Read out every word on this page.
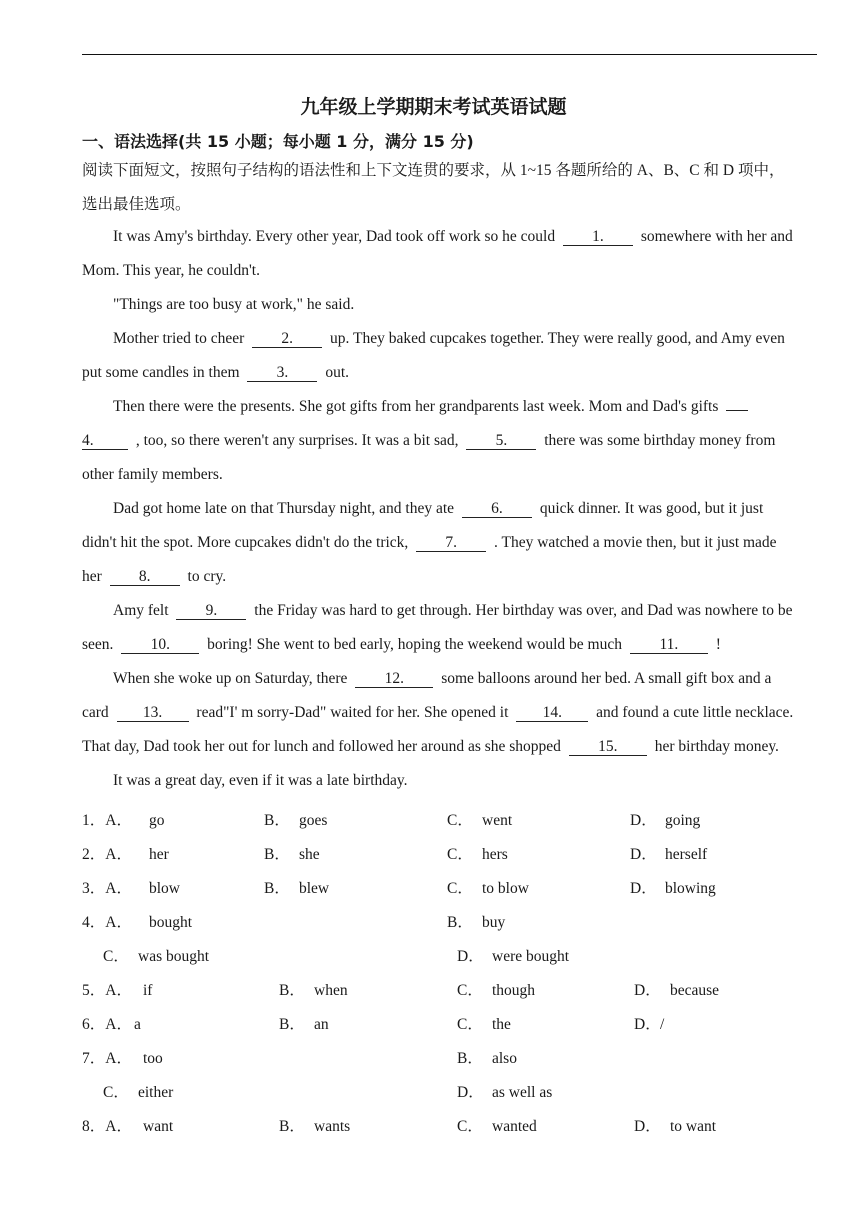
九年级上学期期末考试英语试题
一、语法选择(共 15 小题；每小题 1 分，满分 15 分)
阅读下面短文，按照句子结构的语法性和上下文连贯的要求，从 1~15 各题所给的 A、B、C 和 D 项中，
选出最佳选项。
It was Amy's birthday. Every other year, Dad took off work so he could 1. somewhere with her and
Mom. This year, he couldn't.
"Things are too busy at work," he said.
Mother tried to cheer 2. up. They baked cupcakes together. They were really good, and Amy even
put some candles in them 3. out.
Then there were the presents. She got gifts from her grandparents last week. Mom and Dad's gifts
4.	, too, so there weren't any surprises. It was a bit sad, 5. there was some birthday money from
other family members.
Dad got home late on that Thursday night, and they ate 6. quick dinner. It was good, but it just
didn't hit the spot. More cupcakes didn't do the trick, 7. . They watched a movie then, but it just made
her 8. to cry.
Amy felt 9. the Friday was hard to get through. Her birthday was over, and Dad was nowhere to be
seen. 10. boring! She went to bed early, hoping the weekend would be much 11. !
When she woke up on Saturday, there 12. some balloons around her bed. A small gift box and a
card 13. read"I' m sorry-Dad" waited for her. She opened it 14. and found a cute little necklace.
That day, Dad took her out for lunch and followed her around as she shopped 15. her birthday money.
It was a great day, even if it was a late birthday.
1．A． go	B． goes	C． went	D． going
2．A． her	B． she	C． hers	D． herself
3．A． blow	B． blew	C． to blow	D． blowing
4．A． bought	B． buy
C． was bought	D． were bought
5．A． if	B． when	C． though	D． because
6．A． a	B． an	C． the	D．/
7．A． too	B． also
C． either	D． as well as
8．A． want	B． wants	C． wanted	D． to want
